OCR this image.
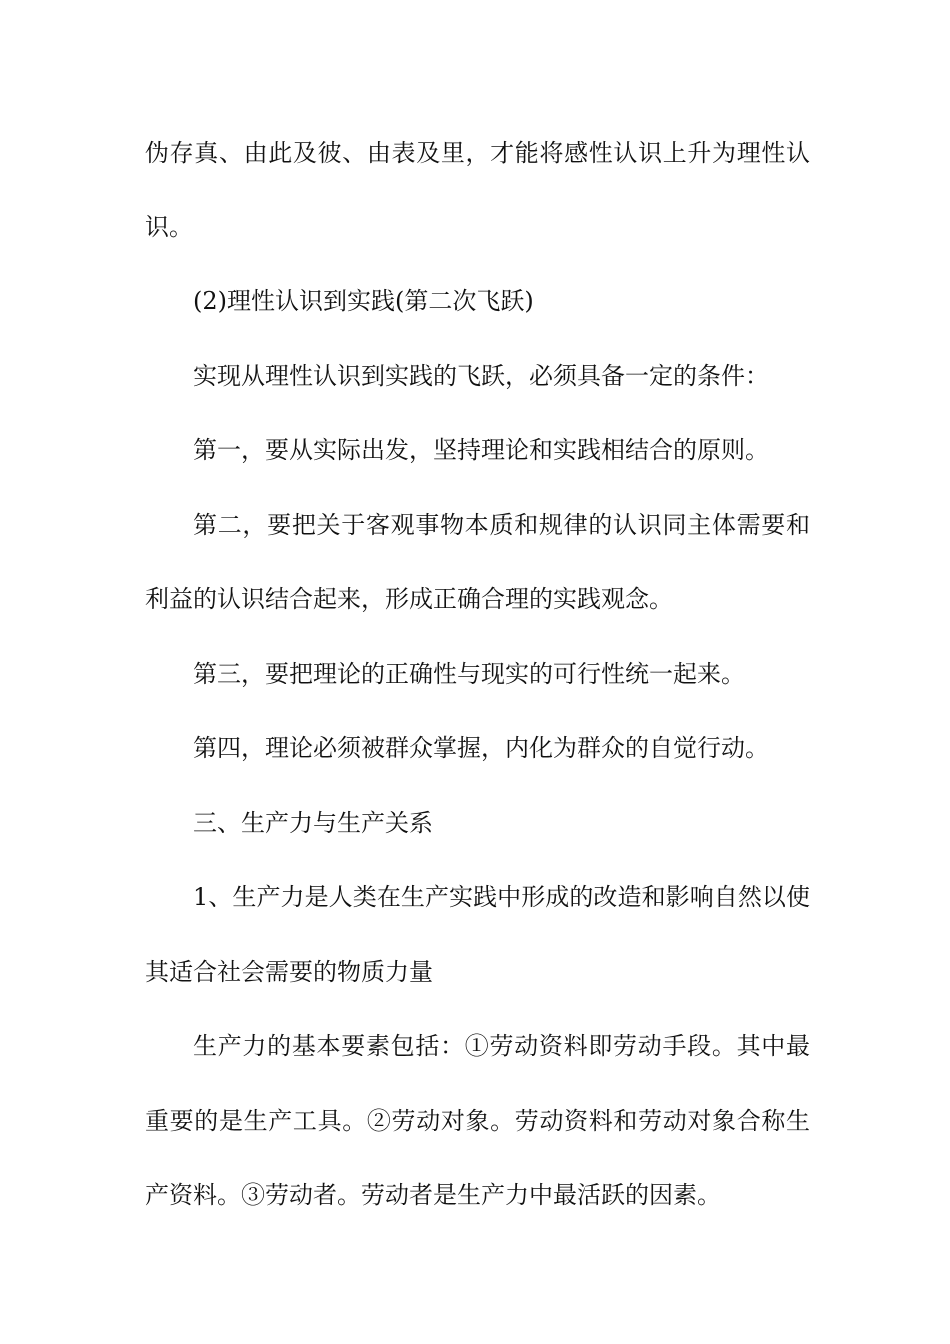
伪存真、由此及彼、由表及里，才能将感性认识上升为理性认

识。

(2)理性认识到实践(第二次飞跃)

实现从理性认识到实践的飞跃，必须具备一定的条件：

第一，要从实际出发，坚持理论和实践相结合的原则。

第二，要把关于客观事物本质和规律的认识同主体需要和

利益的认识结合起来，形成正确合理的实践观念。

第三，要把理论的正确性与现实的可行性统一起来。

第四，理论必须被群众掌握，内化为群众的自觉行动。

三、生产力与生产关系

1、生产力是人类在生产实践中形成的改造和影响自然以使

其适合社会需要的物质力量

生产力的基本要素包括：①劳动资料即劳动手段。其中最

重要的是生产工具。②劳动对象。劳动资料和劳动对象合称生

产资料。③劳动者。劳动者是生产力中最活跃的因素。
